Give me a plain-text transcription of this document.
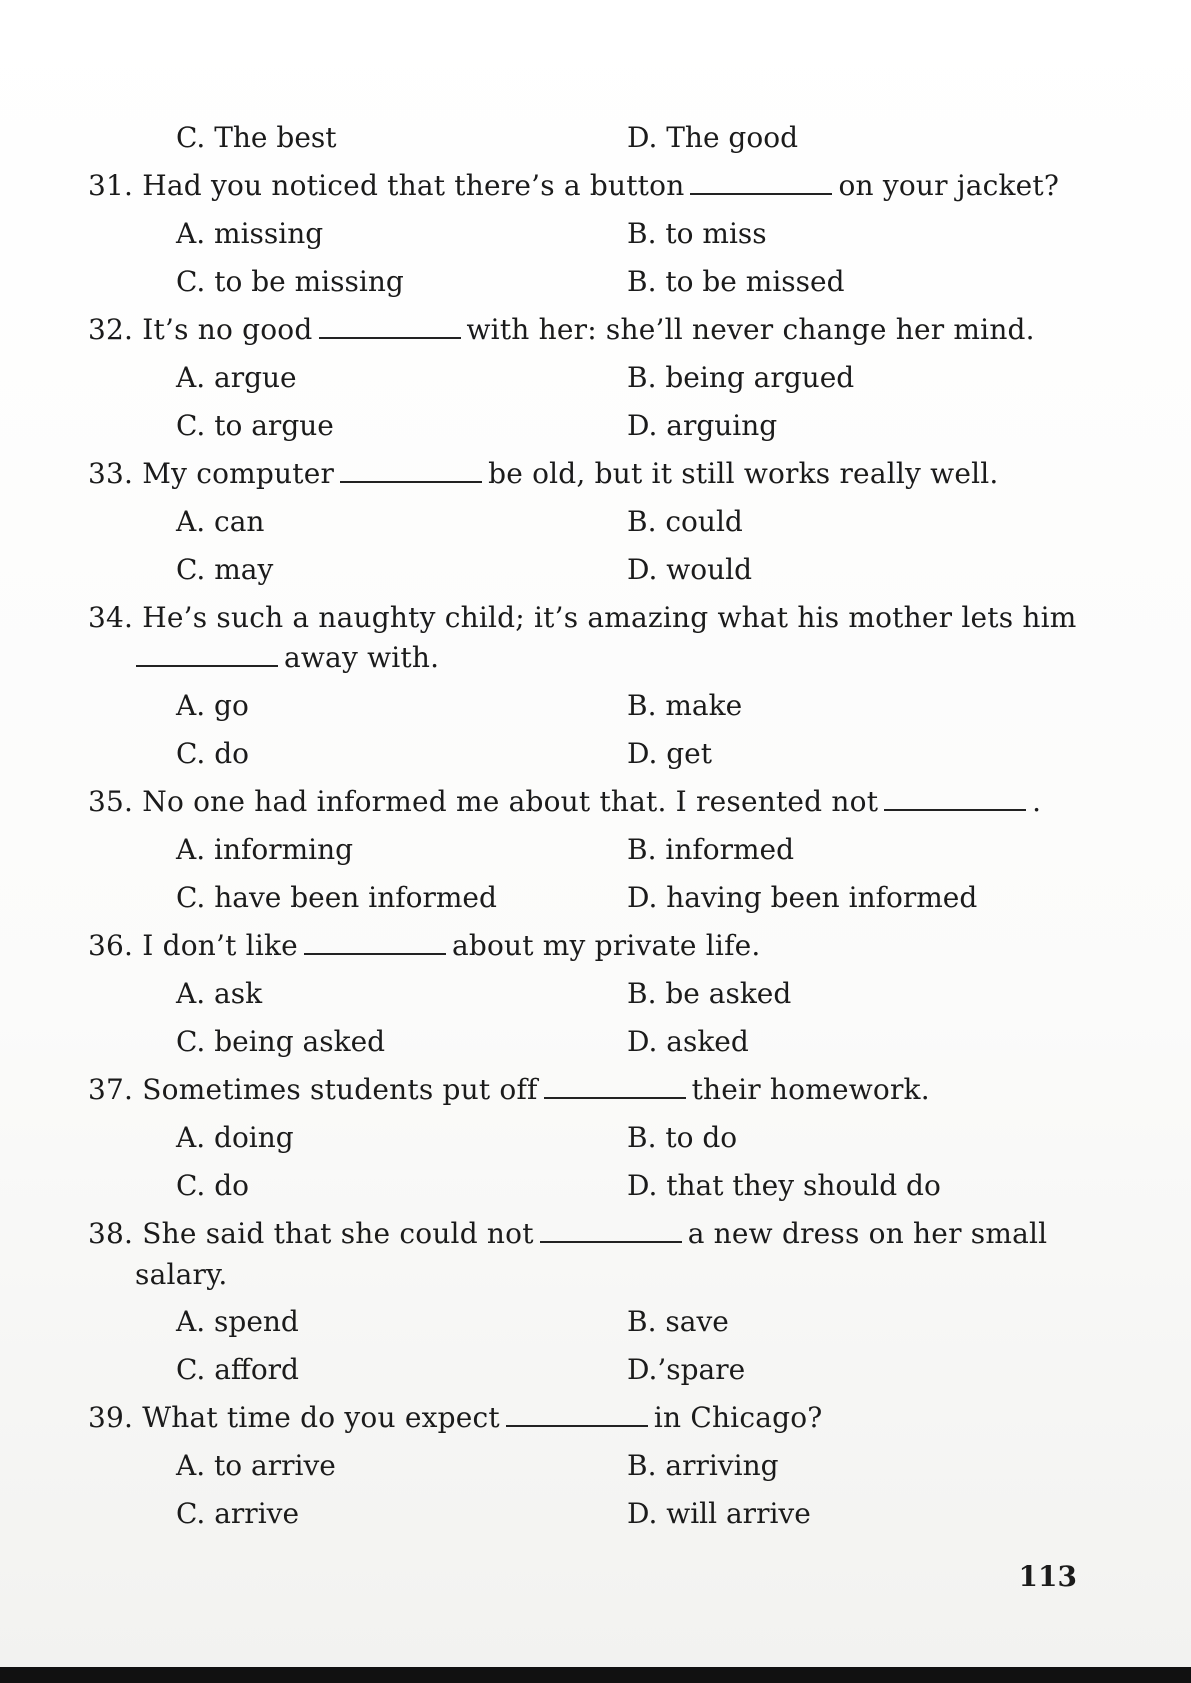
C. The best	D. The good
31. Had you noticed that there’s a button	on your jacket?
A. missing	B. to miss
C. to be missing	B. to be missed
32. It’s no good	with her: she’ll never change her mind.
A. argue	B. being argued
C. to argue	D. arguing
33. My computer	be old, but it still works really well.
A. can	B. could
C. may	D. would
34. He’s such a naughty child; it’s amazing what his mother lets him
away with.
A. go	B. make
C. do	D. get
35. No one had informed me about that. I resented not	.
A. informing	B. informed
C. have been informed	D. having been informed
36. I don’t like	about my private life.
A. ask	B. be asked
C. being asked	D. asked
37. Sometimes students put off	their homework.
A. doing	B. to do
C. do	D. that they should do
38. She said that she could not	a new dress on her small
salary.
A. spend	B. save
C. afford	D.’spare
39. What time do you expect	in Chicago?
A. to arrive	B. arriving
C. arrive	D. will arrive
113
